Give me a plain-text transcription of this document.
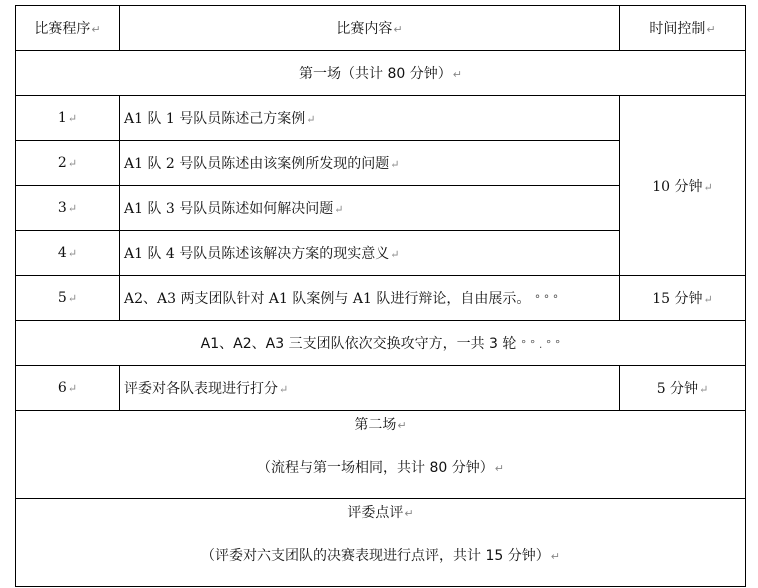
比赛程序↵	比赛内容↵	时间控制↵
第一场（共计 80 分钟）↵		
1↵	A1 队 1 号队员陈述己方案例↵	10 分钟↵
2↵	A1 队 2 号队员陈述由该案例所发现的问题↵	
3↵	A1 队 3 号队员陈述如何解决问题↵	
4↵	A1 队 4 号队员陈述该解决方案的现实意义↵	
5↵	A2、A3 两支团队针对 A1 队案例与 A1 队进行辩论，自由展示。 ° ° °	15 分钟↵
A1、A2、A3 三支团队依次交换攻守方，一共 3 轮 ° ° . ° °		
6↵	评委对各队表现进行打分↵	5 分钟↵

第二场↵
（流程与第一场相同，共计 80 分钟）↵		

评委点评↵
（评委对六支团队的决赛表现进行点评，共计 15 分钟）↵		
